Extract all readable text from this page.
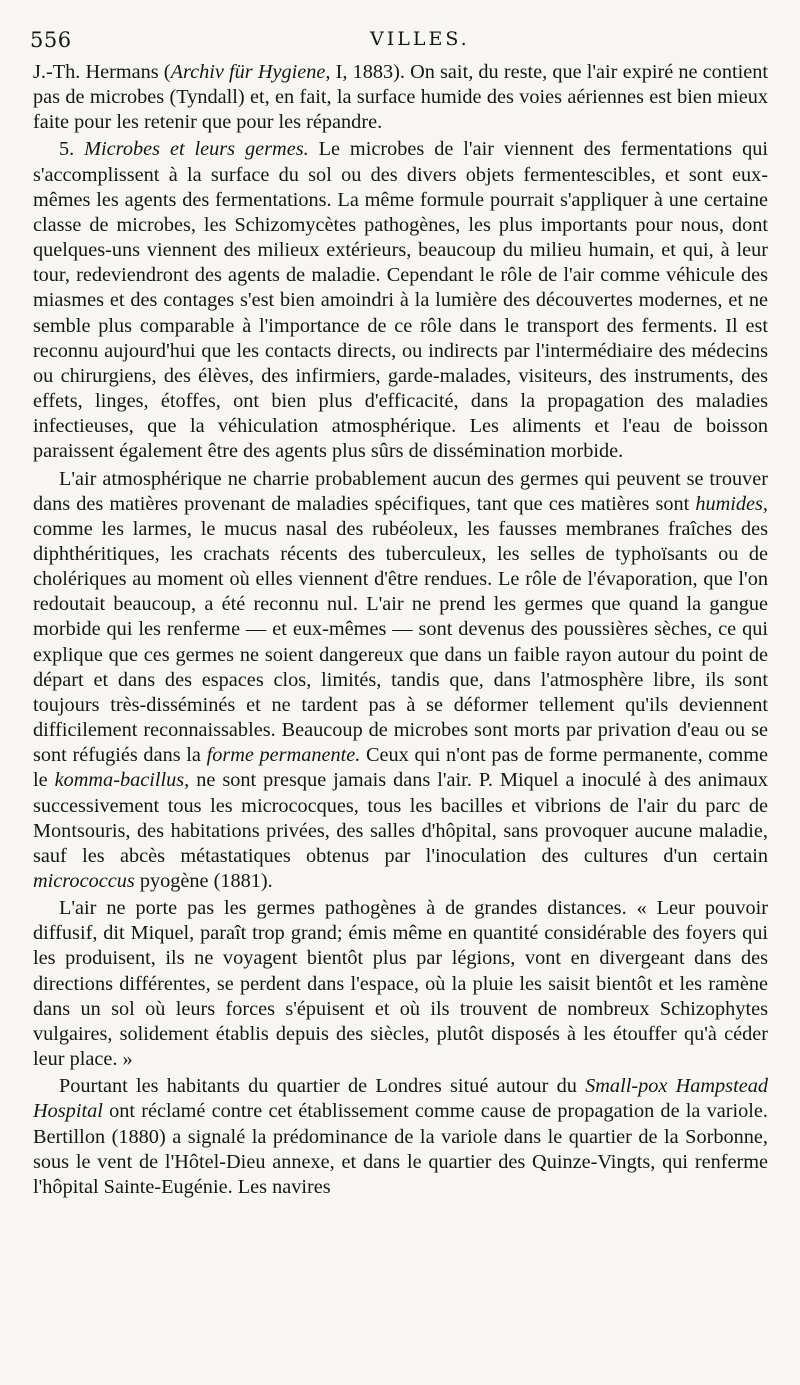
556	VILLES.

J.-Th. Hermans (Archiv für Hygiene, I, 1883). On sait, du reste, que l'air expiré ne contient pas de microbes (Tyndall) et, en fait, la surface humide des voies aériennes est bien mieux faite pour les retenir que pour les répandre.

5. Microbes et leurs germes. Le microbes de l'air viennent des fermentations qui s'accomplissent à la surface du sol ou des divers objets fermentescibles, et sont eux-mêmes les agents des fermentations. La même formule pourrait s'appliquer à une certaine classe de microbes, les Schizomycètes pathogènes, les plus importants pour nous, dont quelques-uns viennent des milieux extérieurs, beaucoup du milieu humain, et qui, à leur tour, redeviendront des agents de maladie. Cependant le rôle de l'air comme véhicule des miasmes et des contages s'est bien amoindri à la lumière des découvertes modernes, et ne semble plus comparable à l'importance de ce rôle dans le transport des ferments. Il est reconnu aujourd'hui que les contacts directs, ou indirects par l'intermédiaire des médecins ou chirurgiens, des élèves, des infirmiers, garde-malades, visiteurs, des instruments, des effets, linges, étoffes, ont bien plus d'efficacité, dans la propagation des maladies infectieuses, que la véhiculation atmosphérique. Les aliments et l'eau de boisson paraissent également être des agents plus sûrs de dissémination morbide.

L'air atmosphérique ne charrie probablement aucun des germes qui peuvent se trouver dans des matières provenant de maladies spécifiques, tant que ces matières sont humides, comme les larmes, le mucus nasal des rubéoleux, les fausses membranes fraîches des diphthéritiques, les crachats récents des tuberculeux, les selles de typhoïsants ou de cholériques au moment où elles viennent d'être rendues. Le rôle de l'évaporation, que l'on redoutait beaucoup, a été reconnu nul. L'air ne prend les germes que quand la gangue morbide qui les renferme — et eux-mêmes — sont devenus des poussières sèches, ce qui explique que ces germes ne soient dangereux que dans un faible rayon autour du point de départ et dans des espaces clos, limités, tandis que, dans l'atmosphère libre, ils sont toujours très-disséminés et ne tardent pas à se déformer tellement qu'ils deviennent difficilement reconnaissables. Beaucoup de microbes sont morts par privation d'eau ou se sont réfugiés dans la forme permanente. Ceux qui n'ont pas de forme permanente, comme le komma-bacillus, ne sont presque jamais dans l'air. P. Miquel a inoculé à des animaux successivement tous les micrococques, tous les bacilles et vibrions de l'air du parc de Montsouris, des habitations privées, des salles d'hôpital, sans provoquer aucune maladie, sauf les abcès métastatiques obtenus par l'inoculation des cultures d'un certain micrococcus pyogène (1881).

L'air ne porte pas les germes pathogènes à de grandes distances. « Leur pouvoir diffusif, dit Miquel, paraît trop grand; émis même en quantité considérable des foyers qui les produisent, ils ne voyagent bientôt plus par légions, vont en divergeant dans des directions différentes, se perdent dans l'espace, où la pluie les saisit bientôt et les ramène dans un sol où leurs forces s'épuisent et où ils trouvent de nombreux Schizophytes vulgaires, solidement établis depuis des siècles, plutôt disposés à les étouffer qu'à céder leur place. »

Pourtant les habitants du quartier de Londres situé autour du Small-pox Hampstead Hospital ont réclamé contre cet établissement comme cause de propagation de la variole. Bertillon (1880) a signalé la prédominance de la variole dans le quartier de la Sorbonne, sous le vent de l'Hôtel-Dieu annexe, et dans le quartier des Quinze-Vingts, qui renferme l'hôpital Sainte-Eugénie. Les navires
